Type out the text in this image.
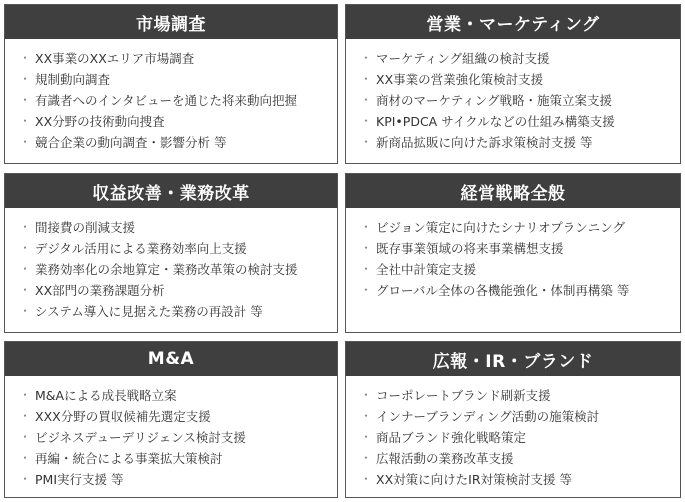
市場調査
・ XX事業のXXエリア市場調査
・ 規制動向調査
・ 有識者へのインタビューを通じた将来動向把握
・ XX分野の技術動向捜査
・ 競合企業の動向調査・影響分析 等
営業・マーケティング
・ マーケティング組織の検討支援
・ XX事業の営業強化策検討支援
・ 商材のマーケティング戦略・施策立案支援
・ KPI•PDCA サイクルなどの仕組み構築支援
・ 新商品拡販に向けた訴求策検討支援 等
収益改善・業務改革
・ 間接費の削減支援
・ デジタル活用による業務効率向上支援
・ 業務効率化の余地算定・業務改革策の検討支援
・ XX部門の業務課題分析
・ システム導入に見据えた業務の再設計 等
経営戦略全般
・ ビジョン策定に向けたシナリオプランニング
・ 既存事業領域の将来事業構想支援
・ 全社中計策定支援
・ グローバル全体の各機能強化・体制再構築 等
M&A
・ M&Aによる成長戦略立案
・ XXX分野の買収候補先選定支援
・ ビジネスデューデリジェンス検討支援
・ 再編・統合による事業拡大策検討
・ PMI実行支援 等
広報・IR・ブランド
・ コーポレートブランド刷新支援
・ インナーブランディング活動の施策検討
・ 商品ブランド強化戦略策定
・ 広報活動の業務改革支援
・ XX対策に向けたIR対策検討支援 等
